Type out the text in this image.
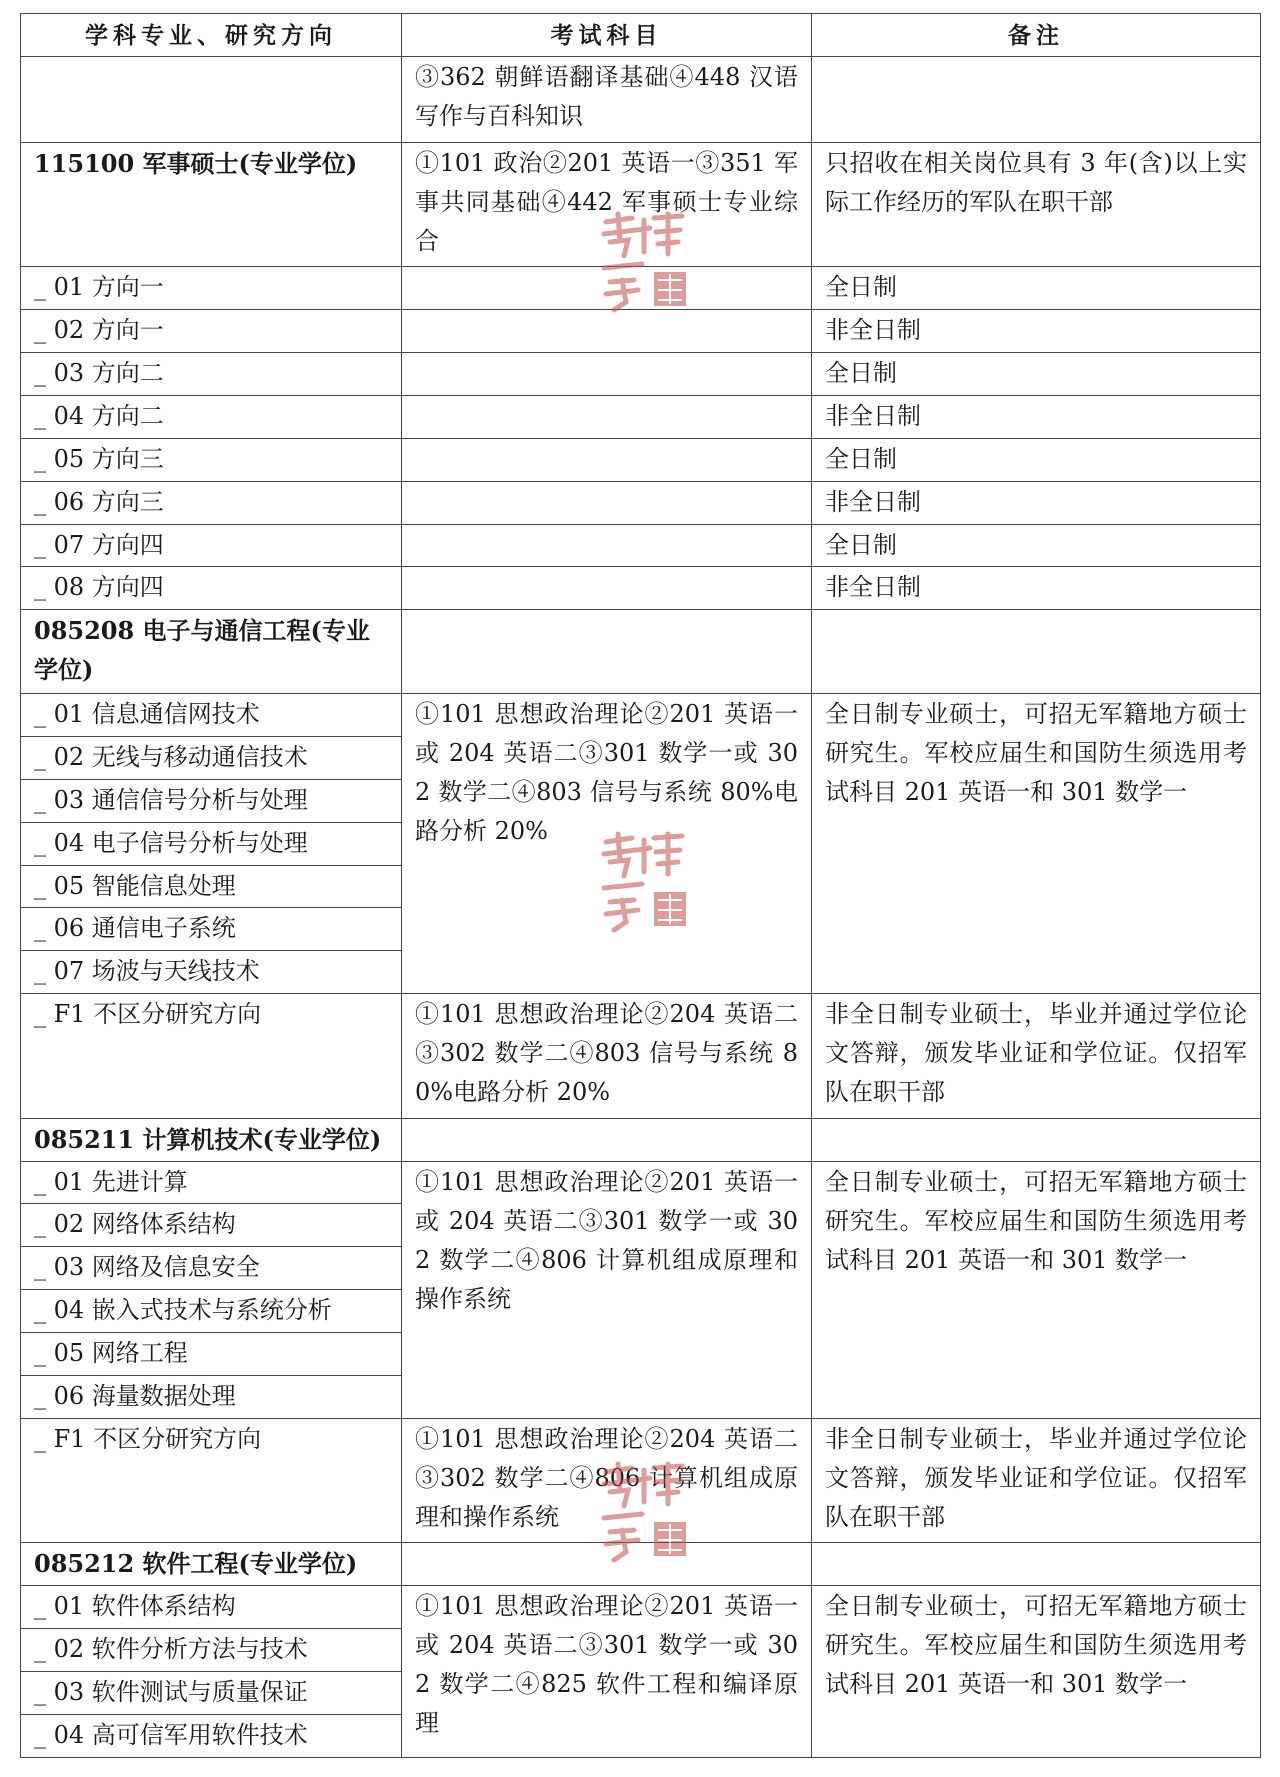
学科专业、研究方向	考试科目	备注
	③362 朝鲜语翻译基础④448 汉语写作与百科知识	
115100 军事硕士(专业学位)	①101 政治②201 英语一③351 军事共同基础④442 军事硕士专业综合	只招收在相关岗位具有 3 年(含)以上实际工作经历的军队在职干部
_ 01 方向一		全日制
_ 02 方向一		非全日制
_ 03 方向二		全日制
_ 04 方向二		非全日制
_ 05 方向三		全日制
_ 06 方向三		非全日制
_ 07 方向四		全日制
_ 08 方向四		非全日制
085208 电子与通信工程(专业学位)		
_ 01 信息通信网技术	①101 思想政治理论②201 英语一或 204 英语二③301 数学一或 302 数学二④803 信号与系统 80%电路分析 20%	全日制专业硕士，可招无军籍地方硕士研究生。军校应届生和国防生须选用考试科目 201 英语一和 301 数学一
_ 02 无线与移动通信技术		
_ 03 通信信号分析与处理		
_ 04 电子信号分析与处理		
_ 05 智能信息处理		
_ 06 通信电子系统		
_ 07 场波与天线技术		
_ F1 不区分研究方向	①101 思想政治理论②204 英语二③302 数学二④803 信号与系统 80%电路分析 20%	非全日制专业硕士，毕业并通过学位论文答辩，颁发毕业证和学位证。仅招军队在职干部
085211 计算机技术(专业学位)		
_ 01 先进计算	①101 思想政治理论②201 英语一或 204 英语二③301 数学一或 302 数学二④806 计算机组成原理和操作系统	全日制专业硕士，可招无军籍地方硕士研究生。军校应届生和国防生须选用考试科目 201 英语一和 301 数学一
_ 02 网络体系结构		
_ 03 网络及信息安全		
_ 04 嵌入式技术与系统分析		
_ 05 网络工程		
_ 06 海量数据处理		
_ F1 不区分研究方向	①101 思想政治理论②204 英语二③302 数学二④806 计算机组成原理和操作系统	非全日制专业硕士，毕业并通过学位论文答辩，颁发毕业证和学位证。仅招军队在职干部
085212 软件工程(专业学位)		
_ 01 软件体系结构	①101 思想政治理论②201 英语一或 204 英语二③301 数学一或 302 数学二④825 软件工程和编译原理	全日制专业硕士，可招无军籍地方硕士研究生。军校应届生和国防生须选用考试科目 201 英语一和 301 数学一
_ 02 软件分析方法与技术		
_ 03 软件测试与质量保证		
_ 04 高可信军用软件技术		
